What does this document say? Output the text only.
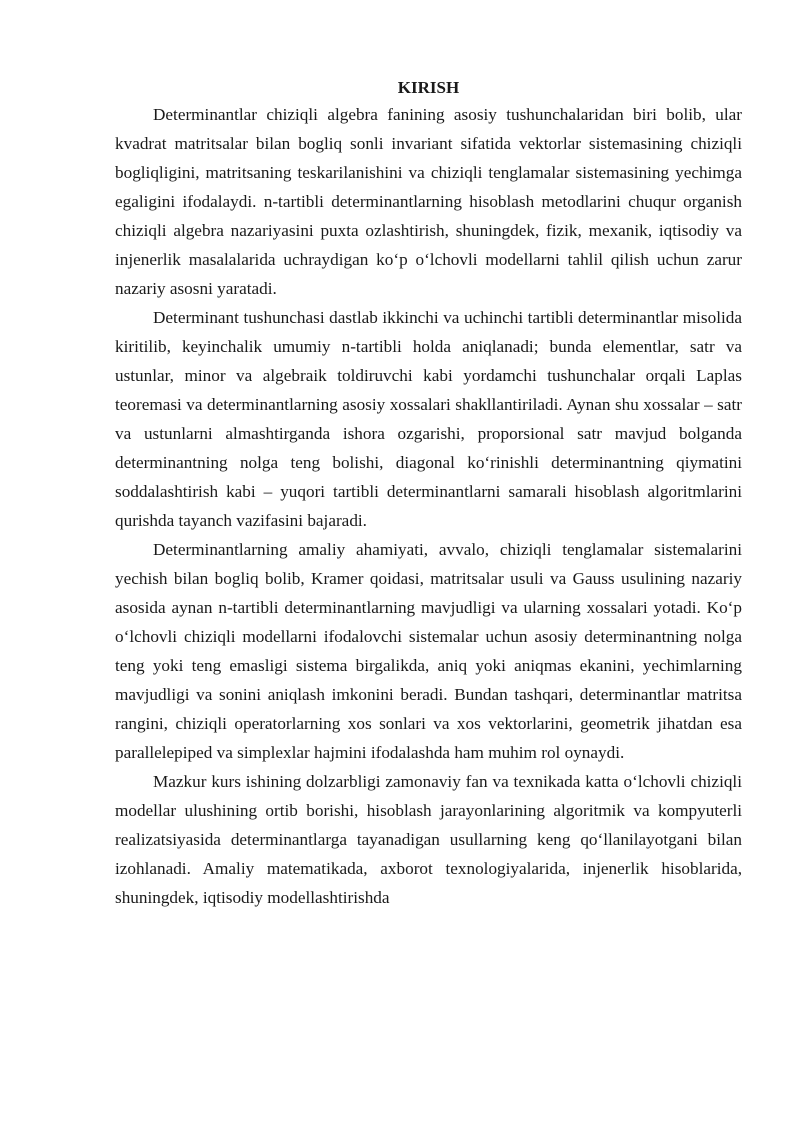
KIRISH

Determinantlar chiziqli algebra fanining asosiy tushunchalaridan biri bolib, ular kvadrat matritsalar bilan bogliq sonli invariant sifatida vektorlar sistemasining chiziqli bogliqligini, matritsaning teskarilanishini va chiziqli tenglamalar sistemasining yechimga egaligini ifodalaydi. n-tartibli determinantlarning hisoblash metodlarini chuqur organish chiziqli algebra nazariyasini puxta ozlashtirish, shuningdek, fizik, mexanik, iqtisodiy va injenerlik masalalarida uchraydigan koʻp oʻlchovli modellarni tahlil qilish uchun zarur nazariy asosni yaratadi.

Determinant tushunchasi dastlab ikkinchi va uchinchi tartibli determinantlar misolida kiritilib, keyinchalik umumiy n-tartibli holda aniqlanadi; bunda elementlar, satr va ustunlar, minor va algebraik toldiruvchi kabi yordamchi tushunchalar orqali Laplas teoremasi va determinantlarning asosiy xossalari shakllantiriladi. Aynan shu xossalar – satr va ustunlarni almashtirganda ishora ozgarishi, proporsional satr mavjud bolganda determinantning nolga teng bolishi, diagonal koʻrinishli determinantning qiymatini soddalashtirish kabi – yuqori tartibli determinantlarni samarali hisoblash algoritmlarini qurishda tayanch vazifasini bajaradi.

Determinantlarning amaliy ahamiyati, avvalo, chiziqli tenglamalar sistemalarini yechish bilan bogliq bolib, Kramer qoidasi, matritsalar usuli va Gauss usulining nazariy asosida aynan n-tartibli determinantlarning mavjudligi va ularning xossalari yotadi. Koʻp oʻlchovli chiziqli modellarni ifodalovchi sistemalar uchun asosiy determinantning nolga teng yoki teng emasligi sistema birgalikda, aniq yoki aniqmas ekanini, yechimlarning mavjudligi va sonini aniqlash imkonini beradi. Bundan tashqari, determinantlar matritsa rangini, chiziqli operatorlarning xos sonlari va xos vektorlarini, geometrik jihatdan esa parallelepiped va simplexlar hajmini ifodalashda ham muhim rol oynaydi.

Mazkur kurs ishining dolzarbligi zamonaviy fan va texnikada katta oʻlchovli chiziqli modellar ulushining ortib borishi, hisoblash jarayonlarining algoritmik va kompyuterli realizatsiyasida determinantlarga tayanadigan usullarning keng qoʻllanilayotgani bilan izohlanadi. Amaliy matematikada, axborot texnologiyalarida, injenerlik hisoblarida, shuningdek, iqtisodiy modellashtirishda
